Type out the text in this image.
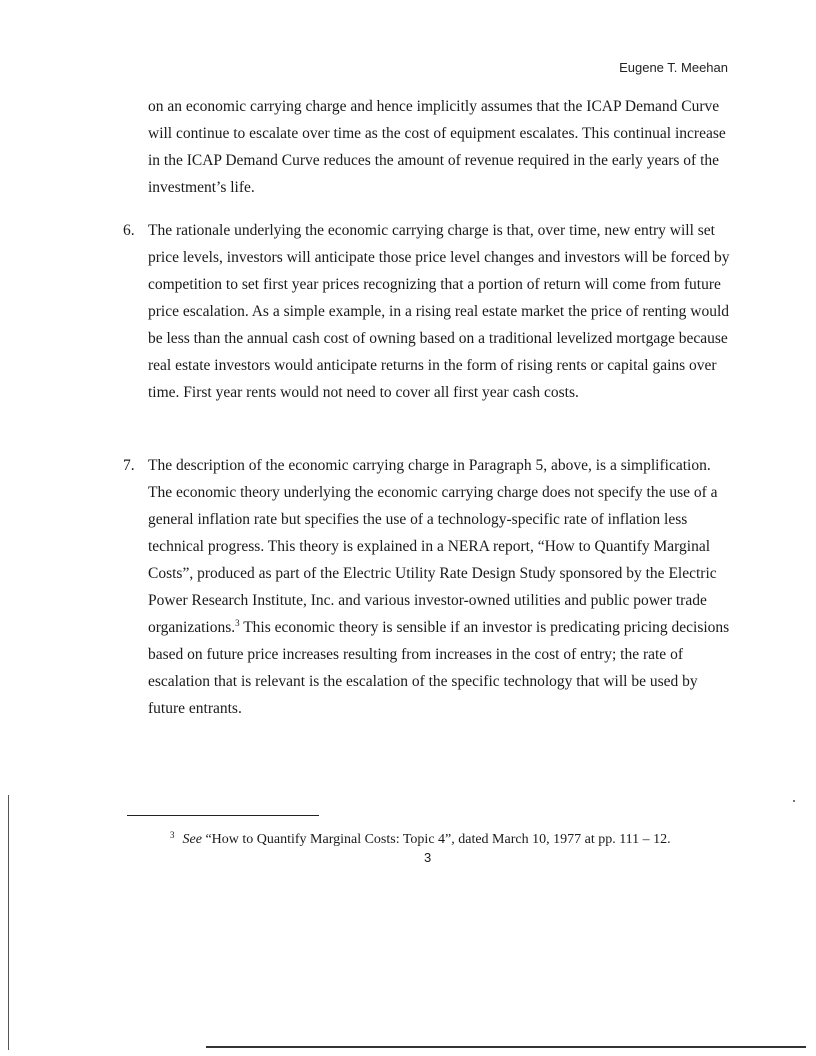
Eugene T. Meehan

on an economic carrying charge and hence implicitly assumes that the ICAP Demand Curve will continue to escalate over time as the cost of equipment escalates. This continual increase in the ICAP Demand Curve reduces the amount of revenue required in the early years of the investment’s life.

6. The rationale underlying the economic carrying charge is that, over time, new entry will set price levels, investors will anticipate those price level changes and investors will be forced by competition to set first year prices recognizing that a portion of return will come from future price escalation. As a simple example, in a rising real estate market the price of renting would be less than the annual cash cost of owning based on a traditional levelized mortgage because real estate investors would anticipate returns in the form of rising rents or capital gains over time. First year rents would not need to cover all first year cash costs.

7. The description of the economic carrying charge in Paragraph 5, above, is a simplification. The economic theory underlying the economic carrying charge does not specify the use of a general inflation rate but specifies the use of a technology-specific rate of inflation less technical progress. This theory is explained in a NERA report, “How to Quantify Marginal Costs”, produced as part of the Electric Utility Rate Design Study sponsored by the Electric Power Research Institute, Inc. and various investor-owned utilities and public power trade organizations.$^3$ This economic theory is sensible if an investor is predicating pricing decisions based on future price increases resulting from increases in the cost of entry; the rate of escalation that is relevant is the escalation of the specific technology that will be used by future entrants.

$^3$ See “How to Quantify Marginal Costs: Topic 4”, dated March 10, 1977 at pp. 111 – 12.
3
